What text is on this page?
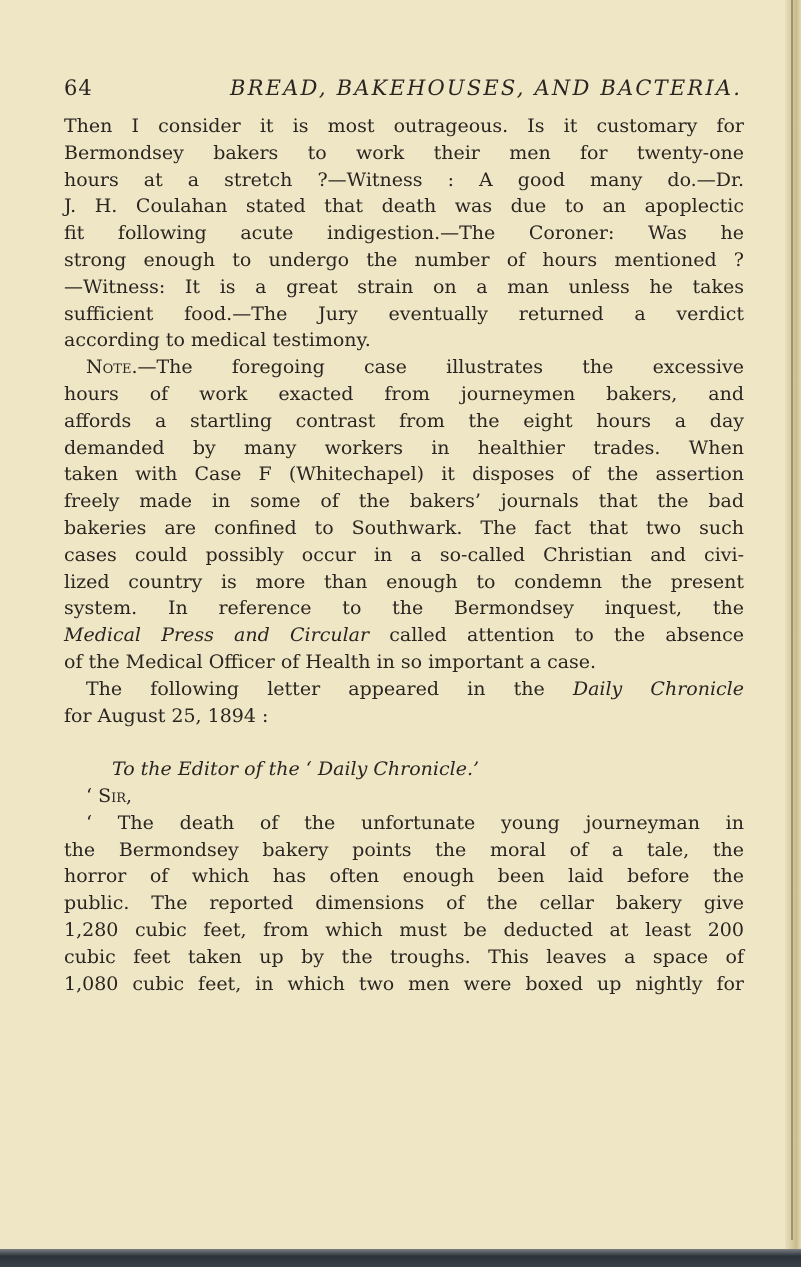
64	BREAD, BAKEHOUSES, AND BACTERIA.
Then I consider it is most outrageous. Is it customary for
Bermondsey bakers to work their men for twenty-one
hours at a stretch ?—Witness : A good many do.—Dr.
J. H. Coulahan stated that death was due to an apoplectic
fit following acute indigestion.—The Coroner: Was he
strong enough to undergo the number of hours mentioned ?
—Witness: It is a great strain on a man unless he takes
sufficient food.—The Jury eventually returned a verdict
according to medical testimony.
Note.—The foregoing case illustrates the excessive
hours of work exacted from journeymen bakers, and
affords a startling contrast from the eight hours a day
demanded by many workers in healthier trades. When
taken with Case F (Whitechapel) it disposes of the assertion
freely made in some of the bakers’ journals that the bad
bakeries are confined to Southwark. The fact that two such
cases could possibly occur in a so-called Christian and civi-
lized country is more than enough to condemn the present
system. In reference to the Bermondsey inquest, the
Medical Press and Circular called attention to the absence
of the Medical Officer of Health in so important a case.
The following letter appeared in the Daily Chronicle
for August 25, 1894 :
To the Editor of the ‘ Daily Chronicle.’
‘ Sir,
‘ The death of the unfortunate young journeyman in
the Bermondsey bakery points the moral of a tale, the
horror of which has often enough been laid before the
public. The reported dimensions of the cellar bakery give
1,280 cubic feet, from which must be deducted at least 200
cubic feet taken up by the troughs. This leaves a space of
1,080 cubic feet, in which two men were boxed up nightly for
